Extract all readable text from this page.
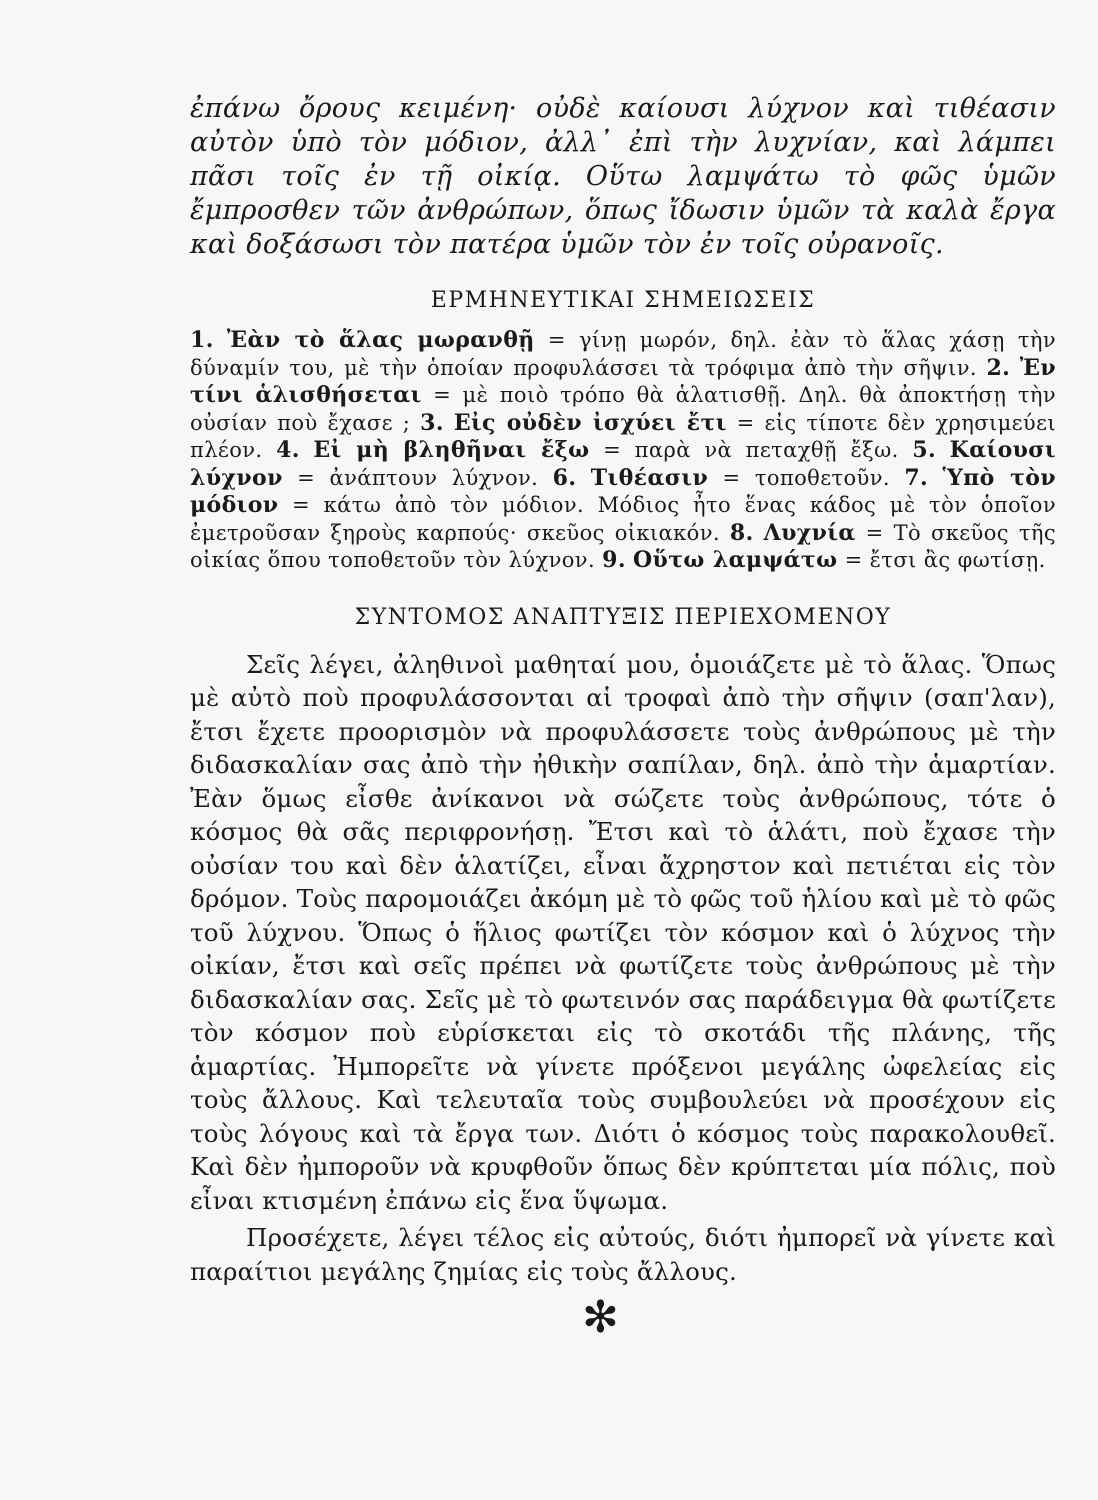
ἐπάνω ὄρους κειμένη· οὐδὲ καίουσι λύχνον καὶ τιθέασιν αὐτὸν ὑπὸ τὸν μόδιον, ἀλλ᾽ ἐπὶ τὴν λυχνίαν, καὶ λάμπει πᾶσι τοῖς ἐν τῇ οἰκίᾳ. Οὕτω λαμψάτω τὸ φῶς ὑμῶν ἔμπροσθεν τῶν ἀνθρώπων, ὅπως ἴδωσιν ὑμῶν τὰ καλὰ ἔργα καὶ δοξάσωσι τὸν πατέρα ὑμῶν τὸν ἐν τοῖς οὐρανοῖς.

ΕΡΜΗΝΕΥΤΙΚΑΙ ΣΗΜΕΙΩΣΕΙΣ

1. Ἐὰν τὸ ἅλας μωρανθῇ = γίνῃ μωρόν, δηλ. ἐὰν τὸ ἅλας χάσῃ τὴν δύναμίν του, μὲ τὴν ὁποίαν προφυλάσσει τὰ τρόφιμα ἀπὸ τὴν σῆψιν. 2. Ἐν τίνι ἁλισθήσεται = μὲ ποιὸ τρόπο θὰ ἁλατισθῇ. Δηλ. θὰ ἀποκτήσῃ τὴν οὐσίαν ποὺ ἔχασε ; 3. Εἰς οὐδὲν ἰσχύει ἔτι = εἰς τίποτε δὲν χρησιμεύει πλέον. 4. Εἰ μὴ βληθῆναι ἔξω = παρὰ νὰ πεταχθῇ ἔξω. 5. Καίουσι λύχνον = ἀνάπτουν λύχνον. 6. Τιθέασιν = τοποθετοῦν. 7. Ὑπὸ τὸν μόδιον = κάτω ἀπὸ τὸν μόδιον. Μόδιος ἦτο ἕνας κάδος μὲ τὸν ὁποῖον ἐμετροῦσαν ξηροὺς καρπούς· σκεῦος οἰκιακόν. 8. Λυχνία = Τὸ σκεῦος τῆς οἰκίας ὅπου τοποθετοῦν τὸν λύχνον. 9. Οὕτω λαμψάτω = ἔτσι ἂς φωτίσῃ.

ΣΥΝΤΟΜΟΣ ΑΝΑΠΤΥΞΙΣ ΠΕΡΙΕΧΟΜΕΝΟΥ

Σεῖς λέγει, ἀληθινοὶ μαθηταί μου, ὁμοιάζετε μὲ τὸ ἅλας. Ὅπως μὲ αὐτὸ ποὺ προφυλάσσονται αἱ τροφαὶ ἀπὸ τὴν σῆψιν (σαπ'λαν), ἔτσι ἔχετε προορισμὸν νὰ προφυλάσσετε τοὺς ἀνθρώπους μὲ τὴν διδασκαλίαν σας ἀπὸ τὴν ἠθικὴν σαπίλαν, δηλ. ἀπὸ τὴν ἁμαρτίαν. Ἐὰν ὅμως εἶσθε ἀνίκανοι νὰ σώζετε τοὺς ἀνθρώπους, τότε ὁ κόσμος θὰ σᾶς περιφρονήσῃ. Ἔτσι καὶ τὸ ἁλάτι, ποὺ ἔχασε τὴν οὐσίαν του καὶ δὲν ἁλατίζει, εἶναι ἄχρηστον καὶ πετιέται εἰς τὸν δρόμον. Τοὺς παρομοιάζει ἀκόμη μὲ τὸ φῶς τοῦ ἡλίου καὶ μὲ τὸ φῶς τοῦ λύχνου. Ὅπως ὁ ἥλιος φωτίζει τὸν κόσμον καὶ ὁ λύχνος τὴν οἰκίαν, ἔτσι καὶ σεῖς πρέπει νὰ φωτίζετε τοὺς ἀνθρώπους μὲ τὴν διδασκαλίαν σας. Σεῖς μὲ τὸ φωτεινόν σας παράδειγμα θὰ φωτίζετε τὸν κόσμον ποὺ εὑρίσκεται εἰς τὸ σκοτάδι τῆς πλάνης, τῆς ἁμαρτίας. Ἠμπορεῖτε νὰ γίνετε πρόξενοι μεγάλης ὠφελείας εἰς τοὺς ἄλλους. Καὶ τελευταῖα τοὺς συμβουλεύει νὰ προσέχουν εἰς τοὺς λόγους καὶ τὰ ἔργα των. Διότι ὁ κόσμος τοὺς παρακολουθεῖ. Καὶ δὲν ἠμποροῦν νὰ κρυφθοῦν ὅπως δὲν κρύπτεται μία πόλις, ποὺ εἶναι κτισμένη ἐπάνω εἰς ἕνα ὕψωμα.

Προσέχετε, λέγει τέλος εἰς αὐτούς, διότι ἠμπορεῖ νὰ γίνετε καὶ παραίτιοι μεγάλης ζημίας εἰς τοὺς ἄλλους.

✻
